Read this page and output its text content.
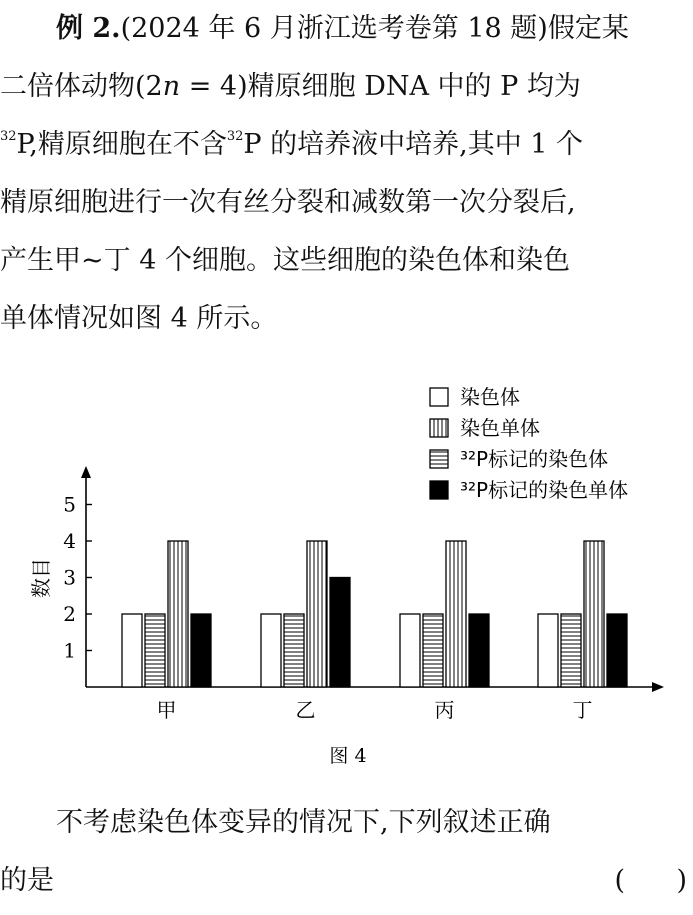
例 2.(2024 年 6 月浙江选考卷第 18 题)假定某
二倍体动物(2n = 4)精原细胞 DNA 中的 P 均为
$^{32}$P,精原细胞在不含$^{32}$P 的培养液中培养,其中 1 个
精原细胞进行一次有丝分裂和减数第一次分裂后,
产生甲~丁 4 个细胞。这些细胞的染色体和染色
单体情况如图 4 所示。
1
2
3
4
5
甲	乙	丙	丁
染色体
染色单体
³²P标记的染色体
³²P标记的染色单体
数目
图 4
不考虑染色体变异的情况下,下列叙述正确
的是	(      )
